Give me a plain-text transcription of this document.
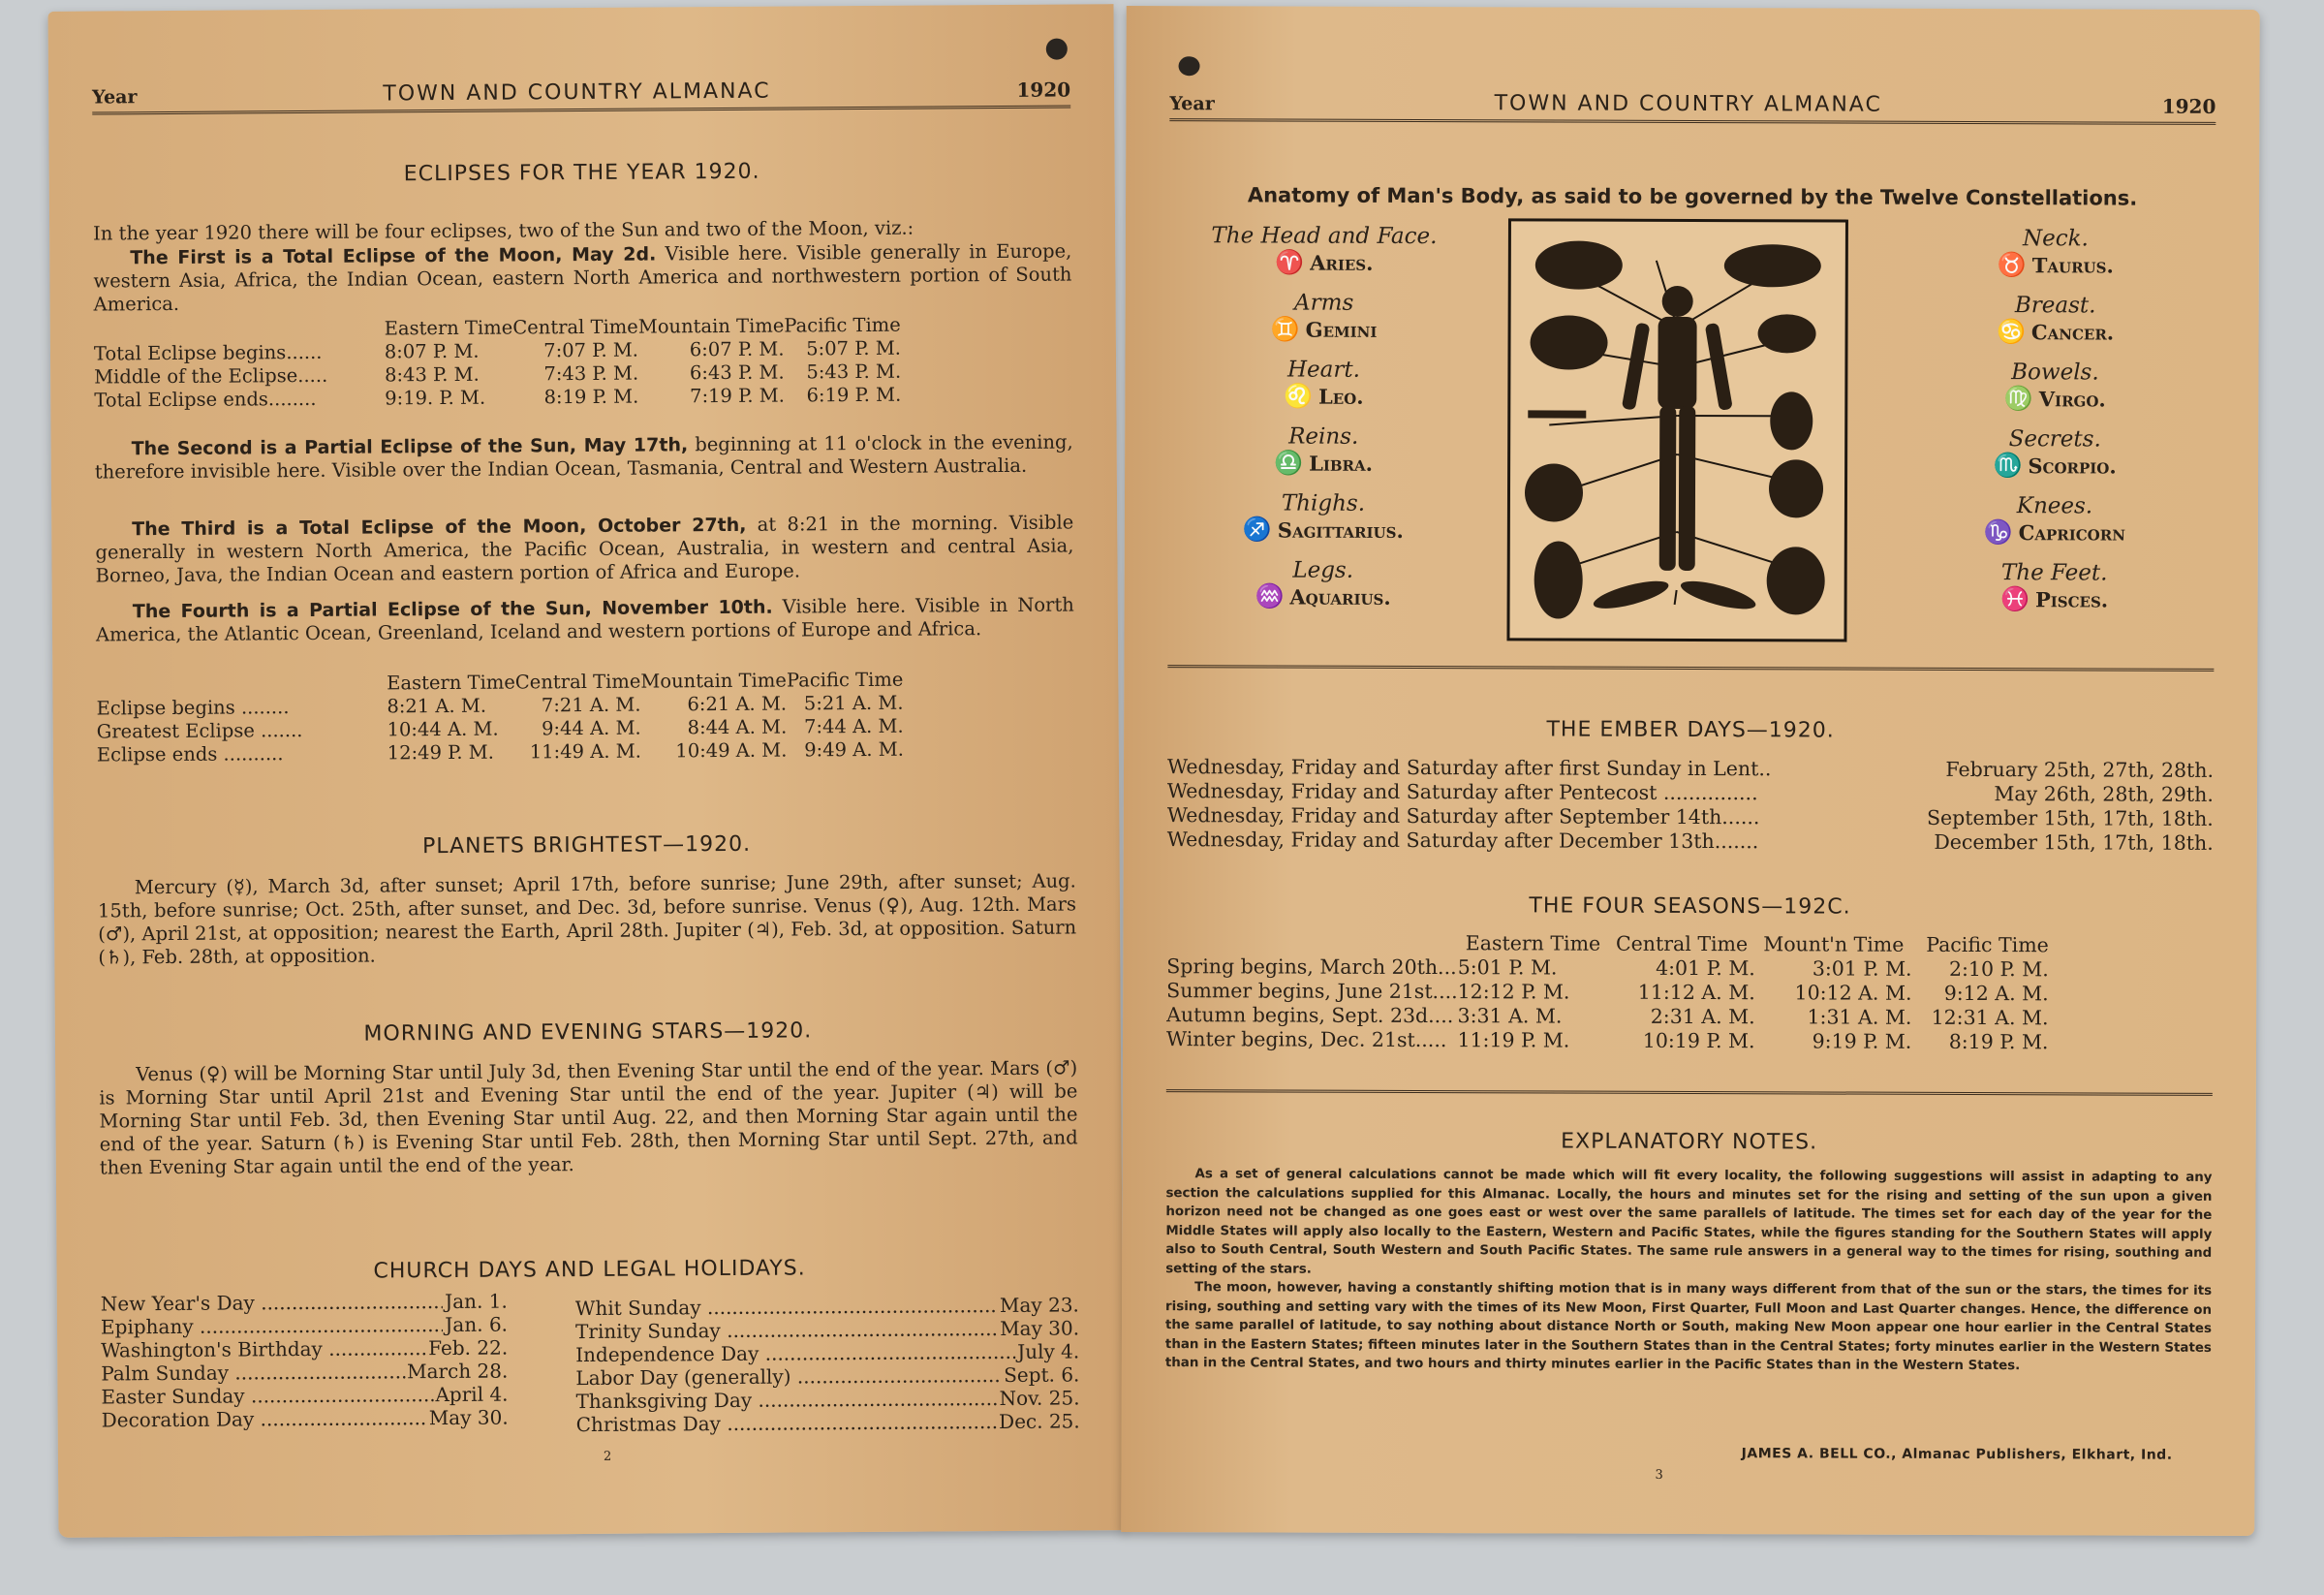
Year	TOWN AND COUNTRY ALMANAC	1920
ECLIPSES FOR THE YEAR 1920.
In the year 1920 there will be four eclipses, two of the Sun and two of the Moon, viz.:
The First is a Total Eclipse of the Moon, May 2d. Visible here. Visible generally in Europe, western Asia, Africa, the Indian Ocean, eastern North America and northwestern portion of South America.
	Eastern Time	Central Time	Mountain Time	Pacific Time
Total Eclipse begins......	8:07 P. M.	7:07 P. M.	6:07 P. M.	5:07 P. M.
Middle of the Eclipse.....	8:43 P. M.	7:43 P. M.	6:43 P. M.	5:43 P. M.
Total Eclipse ends........	9:19. P. M.	8:19 P. M.	7:19 P. M.	6:19 P. M.
The Second is a Partial Eclipse of the Sun, May 17th, beginning at 11 o'clock in the evening, therefore invisible here. Visible over the Indian Ocean, Tasmania, Central and Western Australia.
The Third is a Total Eclipse of the Moon, October 27th, at 8:21 in the morning. Visible generally in western North America, the Pacific Ocean, Australia, in western and central Asia, Borneo, Java, the Indian Ocean and eastern portion of Africa and Europe.
The Fourth is a Partial Eclipse of the Sun, November 10th. Visible here. Visible in North America, the Atlantic Ocean, Greenland, Iceland and western portions of Europe and Africa.
	Eastern Time	Central Time	Mountain Time	Pacific Time
Eclipse begins ........	8:21 A. M.	7:21 A. M.	6:21 A. M.	5:21 A. M.
Greatest Eclipse .......	10:44 A. M.	9:44 A. M.	8:44 A. M.	7:44 A. M.
Eclipse ends ..........	12:49 P. M.	11:49 A. M.	10:49 A. M.	9:49 A. M.
PLANETS BRIGHTEST—1920.
Mercury (☿), March 3d, after sunset; April 17th, before sunrise; June 29th, after sunset; Aug. 15th, before sunrise; Oct. 25th, after sunset, and Dec. 3d, before sunrise. Venus (♀), Aug. 12th. Mars (♂), April 21st, at opposition; nearest the Earth, April 28th. Jupiter (♃), Feb. 3d, at opposition. Saturn (♄), Feb. 28th, at opposition.
MORNING AND EVENING STARS—1920.
Venus (♀) will be Morning Star until July 3d, then Evening Star until the end of the year. Mars (♂) is Morning Star until April 21st and Evening Star until the end of the year. Jupiter (♃) will be Morning Star until Feb. 3d, then Evening Star until Aug. 22, and then Morning Star again until the end of the year. Saturn (♄) is Evening Star until Feb. 28th, then Morning Star until Sept. 27th, and then Evening Star again until the end of the year.
CHURCH DAYS AND LEGAL HOLIDAYS.
New Year's Day .....	Jan. 1.
Epiphany .....	Jan. 6.
Washington's Birthday .....	Feb. 22.
Palm Sunday .....	March 28.
Easter Sunday .....	April 4.
Decoration Day .....	May 30.
Whit Sunday .....	May 23.
Trinity Sunday .....	May 30.
Independence Day .....	July 4.
Labor Day (generally) .....	Sept. 6.
Thanksgiving Day .....	Nov. 25.
Christmas Day .....	Dec. 25.
2
Year	TOWN AND COUNTRY ALMANAC	1920
Anatomy of Man's Body, as said to be governed by the Twelve Constellations.
The Head and Face.
♈ Aries.
Arms
♊ Gemini
Heart.
♌ Leo.
Reins.
♎ Libra.
Thighs.
♐ Sagittarius.
Legs.
♒ Aquarius.
Neck.
♉ Taurus.
Breast.
♋ Cancer.
Bowels.
♍ Virgo.
Secrets.
♏ Scorpio.
Knees.
♑ Capricorn
The Feet.
♓ Pisces.
THE EMBER DAYS—1920.
Wednesday, Friday and Saturday after first Sunday in Lent..	February 25th, 27th, 28th.
Wednesday, Friday and Saturday after Pentecost ...............	May 26th, 28th, 29th.
Wednesday, Friday and Saturday after September 14th......	September 15th, 17th, 18th.
Wednesday, Friday and Saturday after December 13th.......	December 15th, 17th, 18th.
THE FOUR SEASONS—192C.
	Eastern Time	Central Time	Mount'n Time	Pacific Time
Spring begins, March 20th...	5:01 P. M.	4:01 P. M.	3:01 P. M.	2:10 P. M.
Summer begins, June 21st....	12:12 P. M.	11:12 A. M.	10:12 A. M.	9:12 A. M.
Autumn begins, Sept. 23d....	3:31 A. M.	2:31 A. M.	1:31 A. M.	12:31 A. M.
Winter begins, Dec. 21st.....	11:19 P. M.	10:19 P. M.	9:19 P. M.	8:19 P. M.
EXPLANATORY NOTES.

As a set of general calculations cannot be made which will fit every locality, the following suggestions will assist in adapting to any section the calculations supplied for this Almanac. Locally, the hours and minutes set for the rising and setting of the sun upon a given horizon need not be changed as one goes east or west over the same parallels of latitude. The times set for each day of the year for the Middle States will apply also locally to the Eastern, Western and Pacific States, while the figures standing for the Southern States will apply also to South Central, South Western and South Pacific States. The same rule answers in a general way to the times for rising, southing and setting of the stars.

The moon, however, having a constantly shifting motion that is in many ways different from that of the sun or the stars, the times for its rising, southing and setting vary with the times of its New Moon, First Quarter, Full Moon and Last Quarter changes. Hence, the difference on the same parallel of latitude, to say nothing about distance North or South, making New Moon appear one hour earlier in the Central States than in the Eastern States; fifteen minutes later in the Southern States than in the Central States; forty minutes earlier in the Western States than in the Central States, and two hours and thirty minutes earlier in the Pacific States than in the Western States.

JAMES A. BELL CO., Almanac Publishers, Elkhart, Ind.
3
